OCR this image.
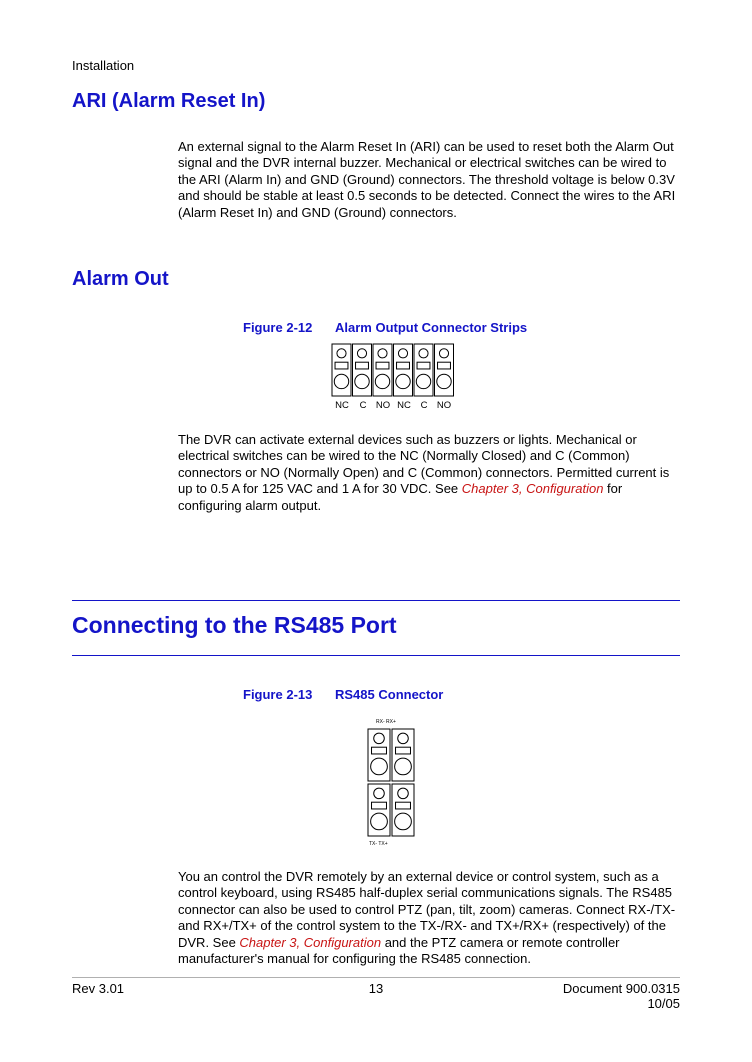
Installation
ARI (Alarm Reset In)
An external signal to the Alarm Reset In (ARI) can be used to reset both the Alarm Out signal and the DVR internal buzzer. Mechanical or electrical switches can be wired to the ARI (Alarm In) and GND (Ground) connectors. The threshold voltage is below 0.3V and should be stable at least 0.5 seconds to be detected. Connect the wires to the ARI (Alarm Reset In) and GND (Ground) connectors.
Alarm Out
Figure 2-12 Alarm Output Connector Strips
NC C NO NC C NO
The DVR can activate external devices such as buzzers or lights. Mechanical or electrical switches can be wired to the NC (Normally Closed) and C (Common) connectors or NO (Normally Open) and C (Common) connectors. Permitted current is up to 0.5 A for 125 VAC and 1 A for 30 VDC. See Chapter 3, Configuration for configuring alarm output.
Connecting to the RS485 Port
Figure 2-13 RS485 Connector
RX- RX+
TX- TX+
You an control the DVR remotely by an external device or control system, such as a control keyboard, using RS485 half-duplex serial communications signals. The RS485 connector can also be used to control PTZ (pan, tilt, zoom) cameras. Connect RX-/TX- and RX+/TX+ of the control system to the TX-/RX- and TX+/RX+ (respectively) of the DVR. See Chapter 3, Configuration and the PTZ camera or remote controller manufacturer's manual for configuring the RS485 connection.
Rev 3.01	13	Document 900.0315
10/05
